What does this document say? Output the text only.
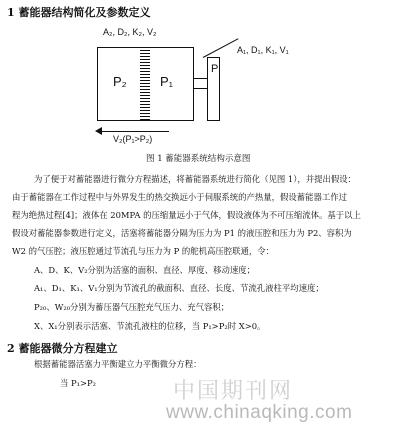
1 蓄能器结构简化及参数定义
A₂, D₂, K₂, V₂
A₁, D₁, K₁, V₁
P₂	P₁
P
V₂(P₁>P₂)
图 1 蓄能器系统结构示意图
为了便于对蓄能器进行微分方程描述，将蓄能器系统进行简化（见图 1），并提出假设：
由于蓄能器在工作过程中与外界发生的热交换远小于伺服系统的产热量，假设蓄能器工作过
程为绝热过程[4]；液体在 20MPA 的压缩量远小于气体，假设液体为不可压缩流体。基于以上
假设对蓄能器参数进行定义，活塞将蓄能器分隔为压力为 P1 的液压腔和压力为 P2、容积为
W2 的气压腔；液压腔通过节流孔与压力为 P 的舵机高压腔联通，令：
A、D、K、V₂分别为活塞的面积、直径、厚度、移动速度；
A₁、D₁、K₁、V₁分别为节流孔的截面积、直径、长度、节流孔液柱平均速度；
P₂₀、W₂₀分别为蓄压器气压腔充气压力、充气容积；
X、X₁分别表示活塞、节流孔液柱的位移，当 P₁>P₂时 X>0。
2 蓄能器微分方程建立
根据蓄能器活塞力平衡建立力平衡微分方程：
中国期刊网
当 P₁>P₂
www.chinaqking.com
